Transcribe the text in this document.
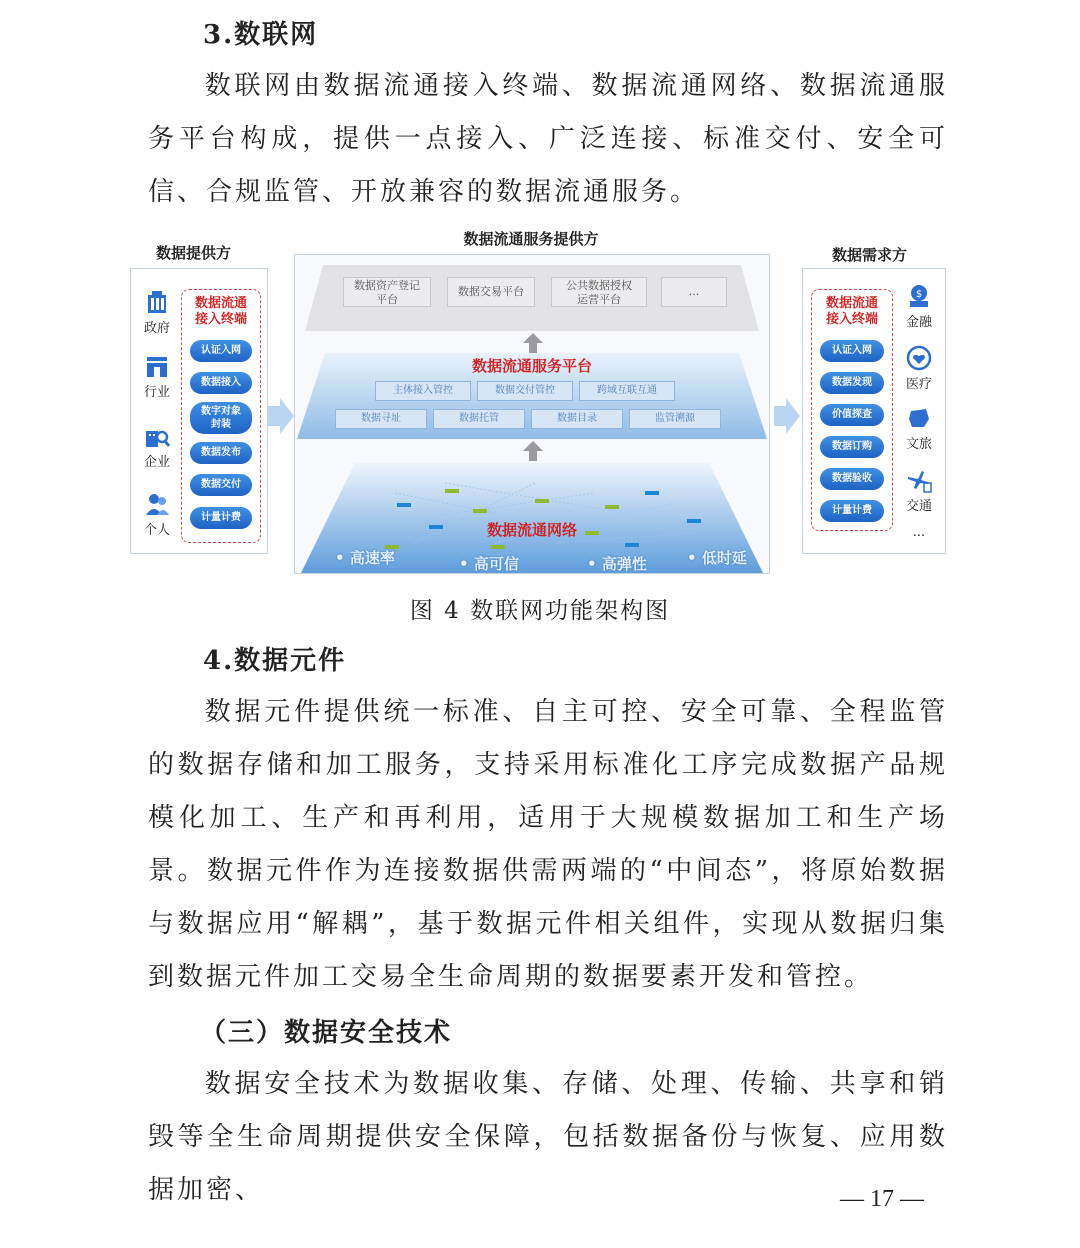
3.数联网

数联网由数据流通接入终端、数据流通网络、数据流通服务平台构成，提供一点接入、广泛连接、标准交付、安全可信、合规监管、开放兼容的数据流通服务。

数据提供方
政府
行业
企业
个人
数据流通
接入终端
认证入网
数据接入
数字对象
封装
数据发布
数据交付
计量计费
数据流通服务提供方
数据资产登记
平台
数据交易平台	公共数据授权
运营平台
...
数据流通服务平台
主体接入管控	数据交付管控	跨域互联互通
数据寻址	数据托管	数据目录	监管溯源
数据流通网络
• 高速率	• 高可信	• 高弹性	• 低时延
数据需求方
数据流通
接入终端
认证入网
数据发现
价值探查
数据订购
数据验收
计量计费
$
金融
医疗
文旅
交通
...
图 4 数联网功能架构图
4.数据元件

数据元件提供统一标准、自主可控、安全可靠、全程监管的数据存储和加工服务，支持采用标准化工序完成数据产品规模化加工、生产和再利用，适用于大规模数据加工和生产场景。数据元件作为连接数据供需两端的“中间态”，将原始数据与数据应用“解耦”，基于数据元件相关组件，实现从数据归集到数据元件加工交易全生命周期的数据要素开发和管控。

（三）数据安全技术

数据安全技术为数据收集、存储、处理、传输、共享和销毁等全生命周期提供安全保障，包括数据备份与恢复、应用数据加密、	— 17 —
